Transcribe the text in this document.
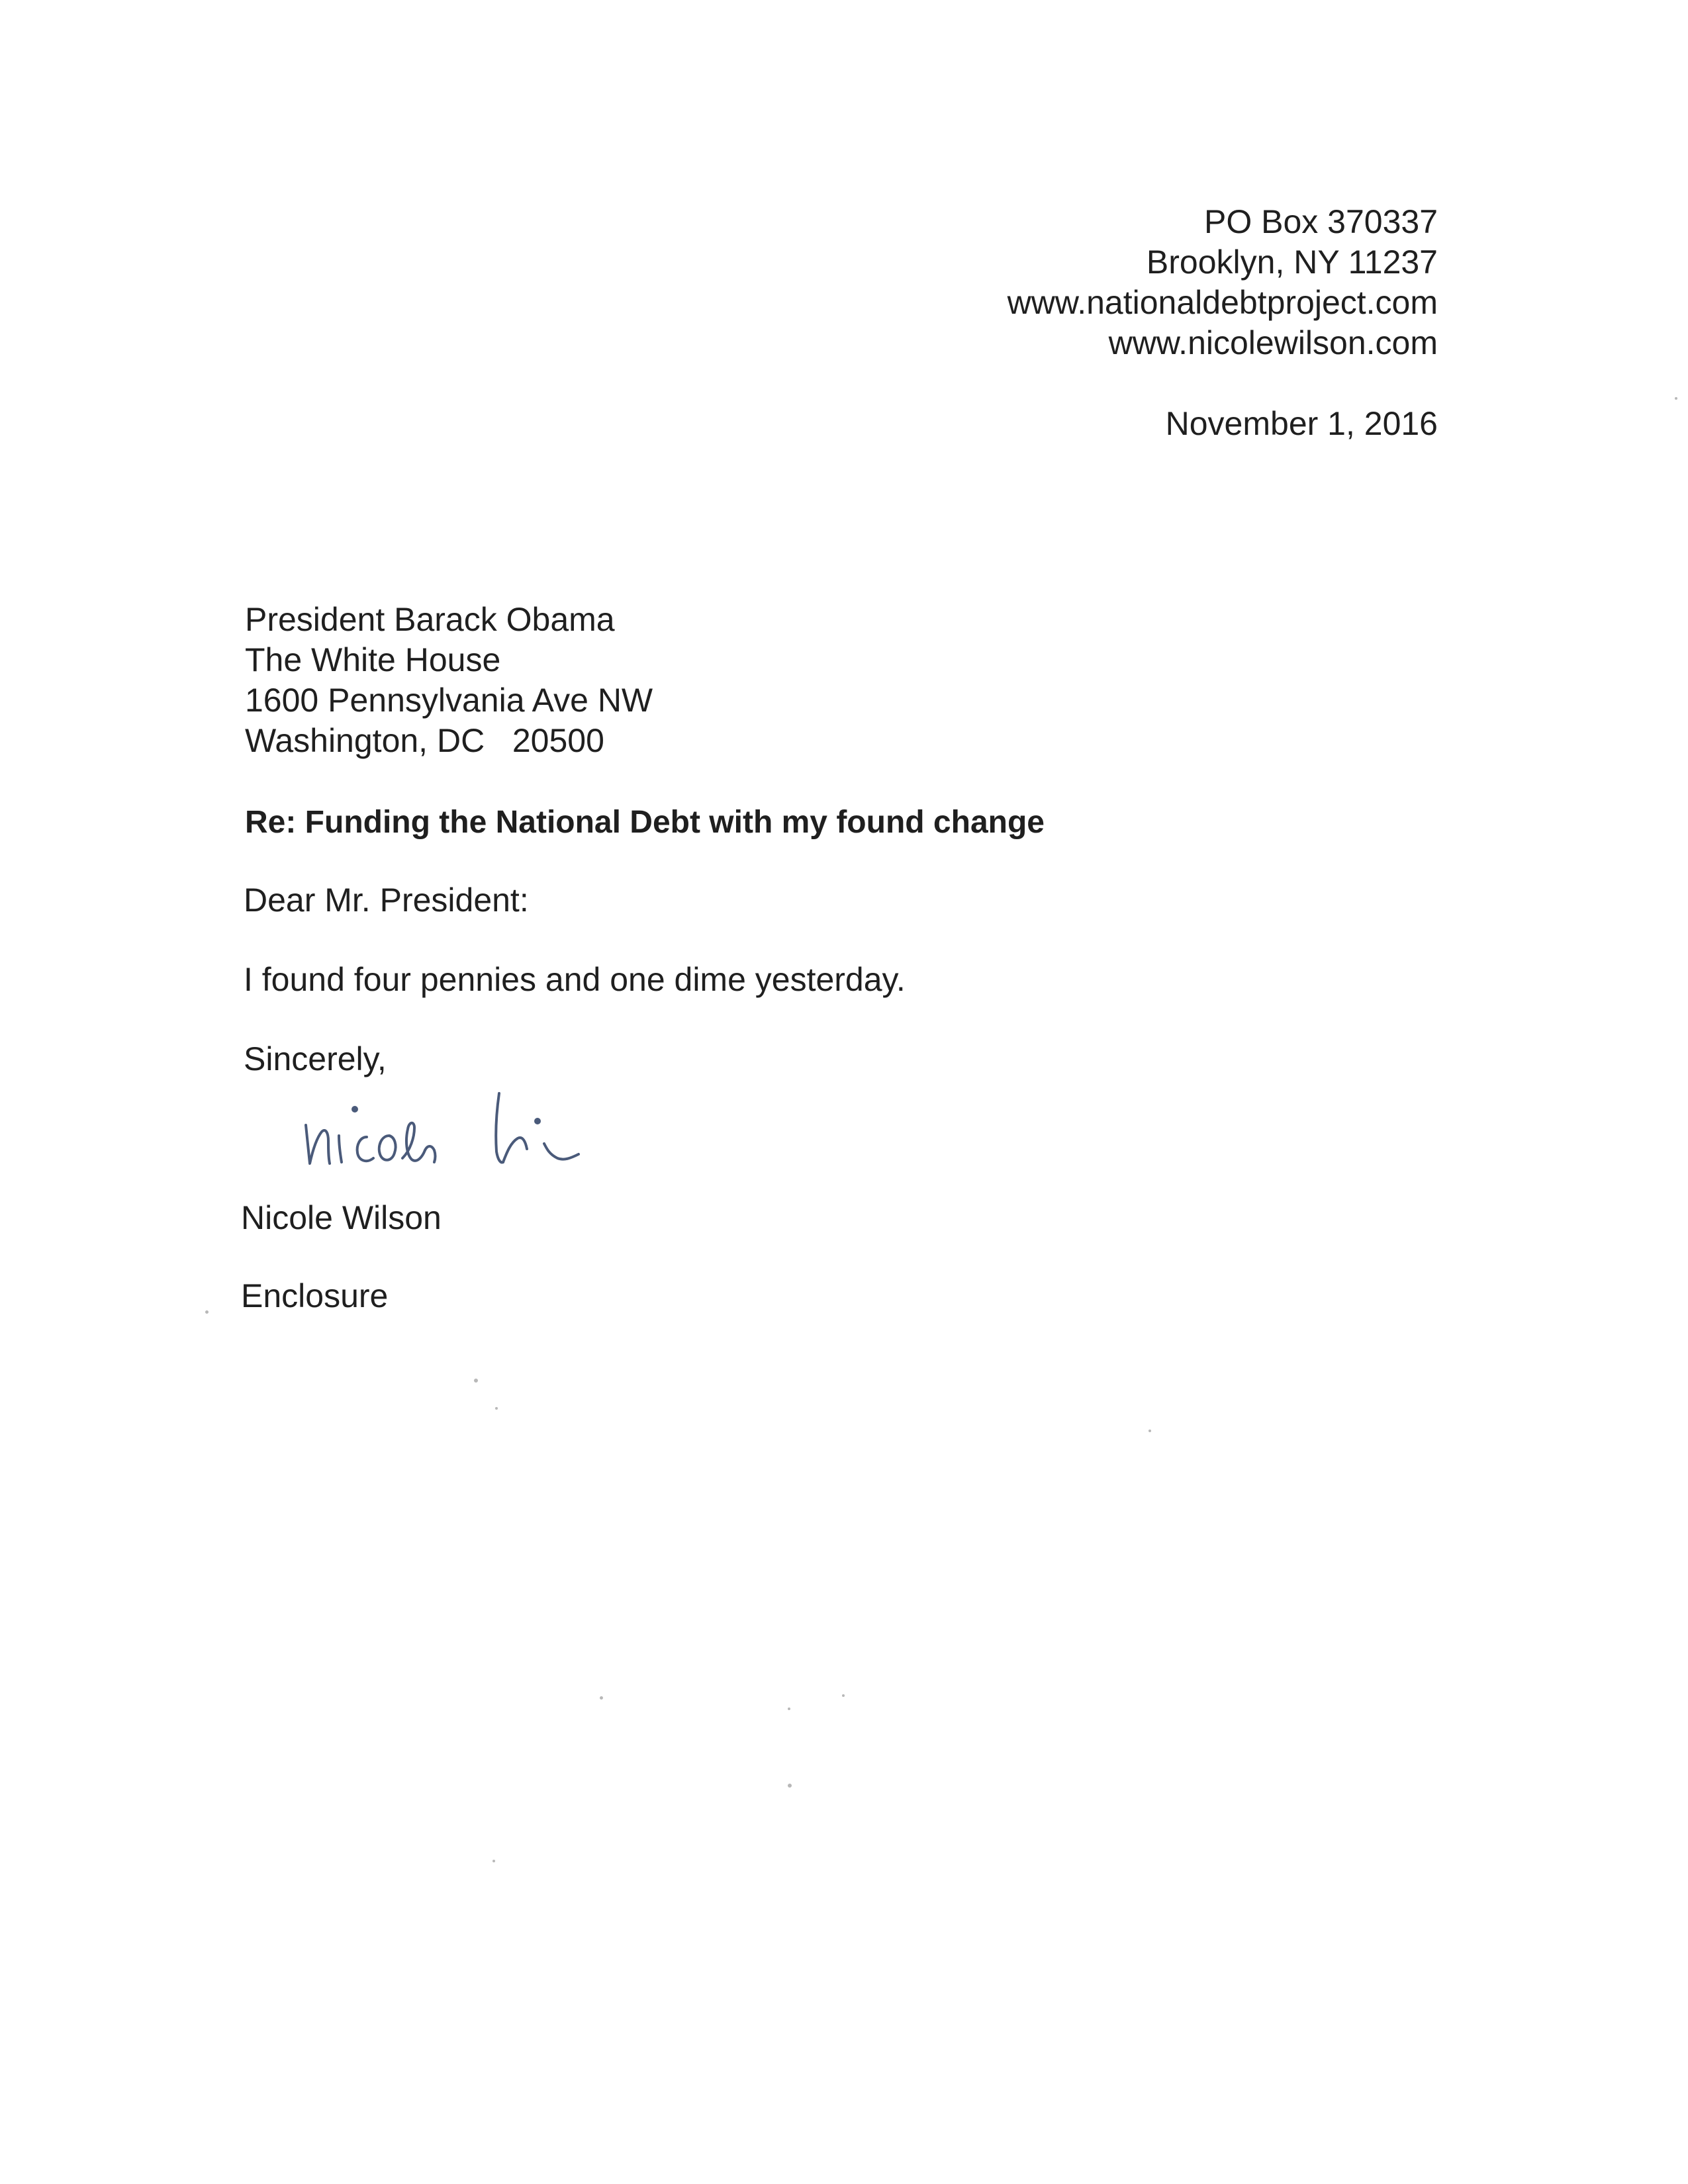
PO Box 370337
Brooklyn, NY 11237
www.nationaldebtproject.com
www.nicolewilson.com
November 1, 2016
President Barack Obama
The White House
1600 Pennsylvania Ave NW
Washington, DC   20500
Re: Funding the National Debt with my found change
Dear Mr. President:
I found four pennies and one dime yesterday.
Sincerely,
Nicole Wilson
Enclosure
